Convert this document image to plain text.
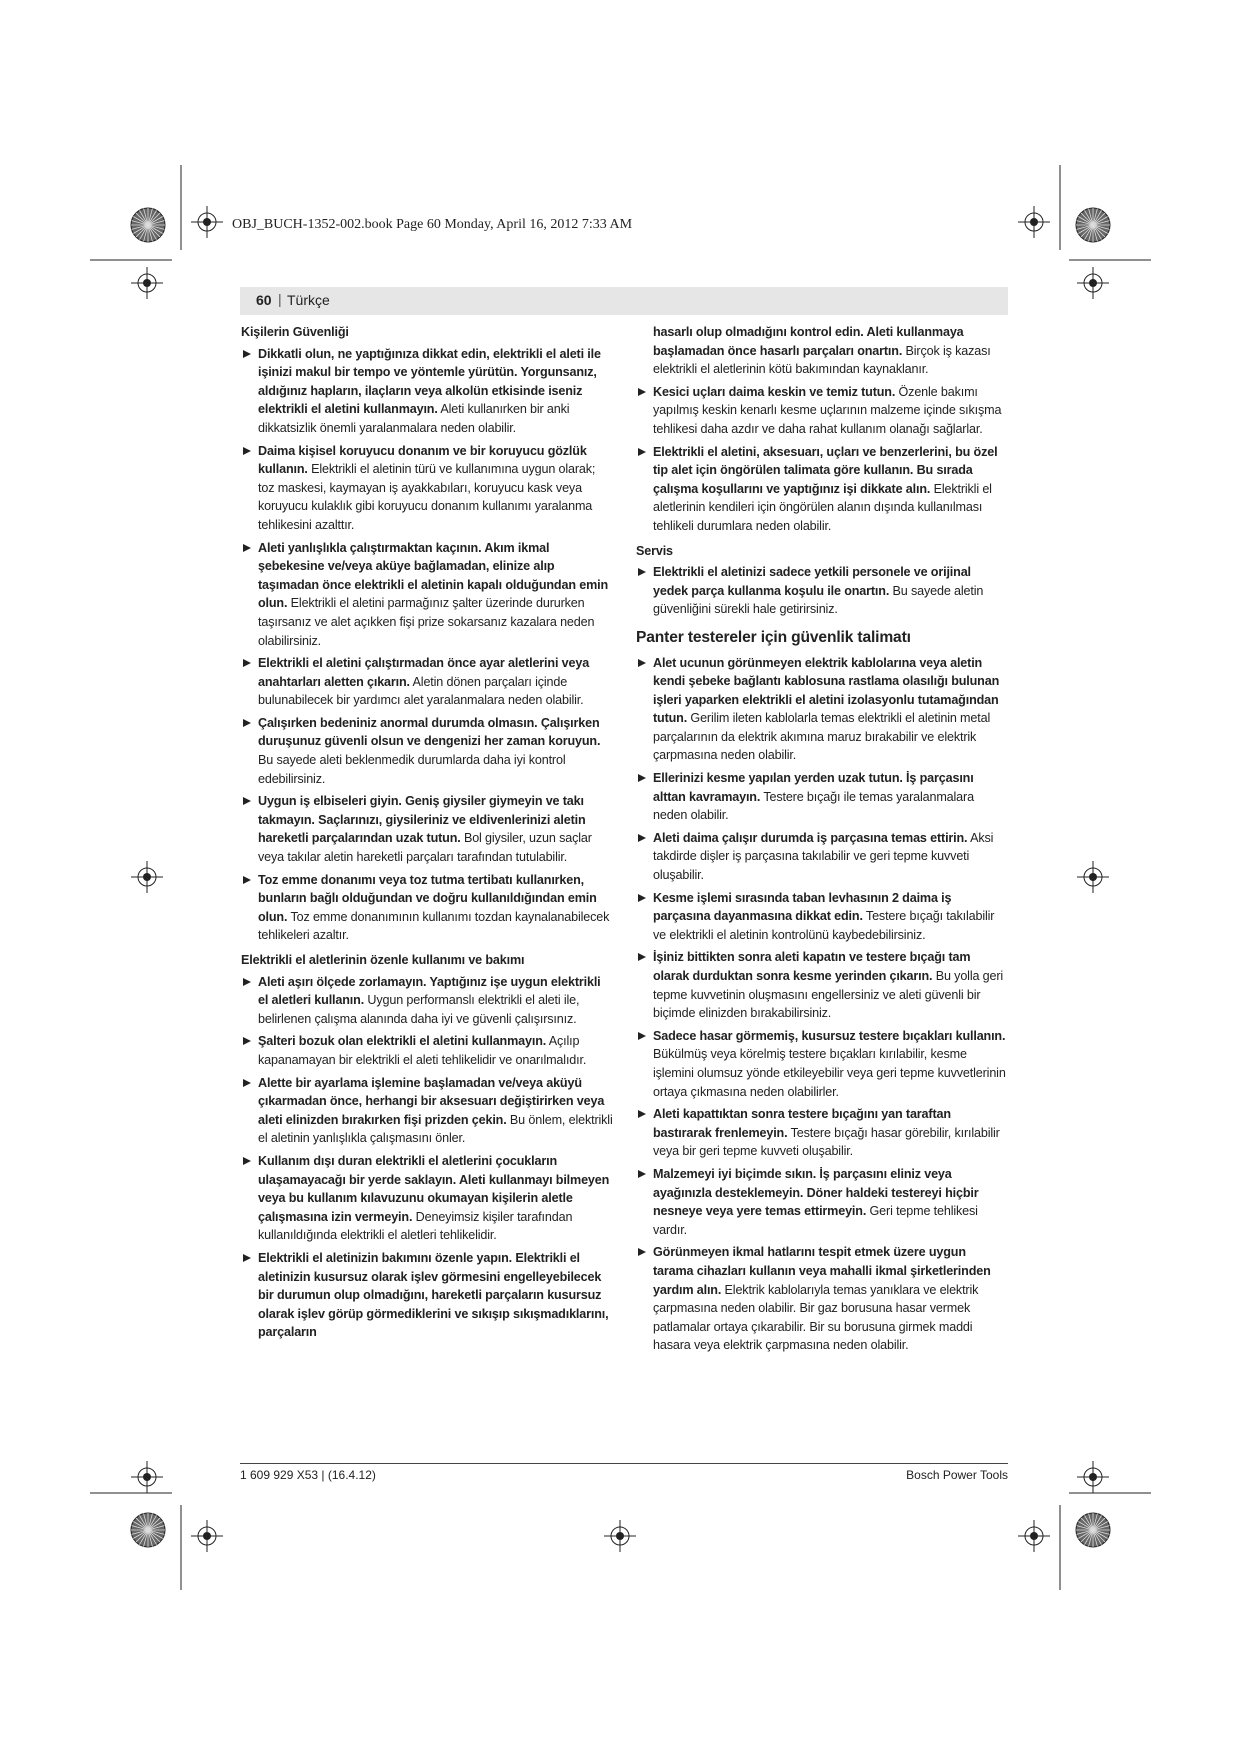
OBJ_BUCH-1352-002.book Page 60 Monday, April 16, 2012 7:33 AM
60 | Türkçe
Kişilerin Güvenliği
Dikkatli olun, ne yaptığınıza dikkat edin, elektrikli el aleti ile işinizi makul bir tempo ve yöntemle yürütün. Yorgunsanız, aldığınız hapların, ilaçların veya alkolün etkisinde iseniz elektrikli el aletini kullanmayın. Aleti kullanırken bir anki dikkatsizlik önemli yaralanmalara neden olabilir.
Daima kişisel koruyucu donanım ve bir koruyucu gözlük kullanın. Elektrikli el aletinin türü ve kullanımına uygun olarak; toz maskesi, kaymayan iş ayakkabıları, koruyucu kask veya koruyucu kulaklık gibi koruyucu donanım kullanımı yaralanma tehlikesini azalttır.
Aleti yanlışlıkla çalıştırmaktan kaçının. Akım ikmal şebekesine ve/veya aküye bağlamadan, elinize alıp taşımadan önce elektrikli el aletinin kapalı olduğundan emin olun. Elektrikli el aletini parmağınız şalter üzerinde dururken taşırsanız ve alet açıkken fişi prize sokarsanız kazalara neden olabilirsiniz.
Elektrikli el aletini çalıştırmadan önce ayar aletlerini veya anahtarları aletten çıkarın. Aletin dönen parçaları içinde bulunabilecek bir yardımcı alet yaralanmalara neden olabilir.
Çalışırken bedeniniz anormal durumda olmasın. Çalışırken duruşunuz güvenli olsun ve dengenizi her zaman koruyun. Bu sayede aleti beklenmedik durumlarda daha iyi kontrol edebilirsiniz.
Uygun iş elbiseleri giyin. Geniş giysiler giymeyin ve takı takmayın. Saçlarınızı, giysileriniz ve eldivenlerinizi aletin hareketli parçalarından uzak tutun. Bol giysiler, uzun saçlar veya takılar aletin hareketli parçaları tarafından tutulabilir.
Toz emme donanımı veya toz tutma tertibatı kullanırken, bunların bağlı olduğundan ve doğru kullanıldığından emin olun. Toz emme donanımının kullanımı tozdan kaynalanabilecek tehlikeleri azaltır.
Elektrikli el aletlerinin özenle kullanımı ve bakımı
Aleti aşırı ölçede zorlamayın. Yaptığınız işe uygun elektrikli el aletleri kullanın. Uygun performanslı elektrikli el aleti ile, belirlenen çalışma alanında daha iyi ve güvenli çalışırsınız.
Şalteri bozuk olan elektrikli el aletini kullanmayın. Açılıp kapanamayan bir elektrikli el aleti tehlikelidir ve onarılmalıdır.
Alette bir ayarlama işlemine başlamadan ve/veya aküyü çıkarmadan önce, herhangi bir aksesuarı değiştirirken veya aleti elinizden bırakırken fişi prizden çekin. Bu önlem, elektrikli el aletinin yanlışlıkla çalışmasını önler.
Kullanım dışı duran elektrikli el aletlerini çocukların ulaşamayacağı bir yerde saklayın. Aleti kullanmayı bilmeyen veya bu kullanım kılavuzunu okumayan kişilerin aletle çalışmasına izin vermeyin. Deneyimsiz kişiler tarafından kullanıldığında elektrikli el aletleri tehlikelidir.
Elektrikli el aletinizin bakımını özenle yapın. Elektrikli el aletinizin kusursuz olarak işlev görmesini engelleyebilecek bir durumun olup olmadığını, hareketli parçaların kusursuz olarak işlev görüp görmediklerini ve sıkışıp sıkışmadıklarını, parçaların
hasarlı olup olmadığını kontrol edin. Aleti kullanmaya başlamadan önce hasarlı parçaları onartın. Birçok iş kazası elektrikli el aletlerinin kötü bakımından kaynaklanır.
Kesici uçları daima keskin ve temiz tutun. Özenle bakımı yapılmış keskin kenarlı kesme uçlarının malzeme içinde sıkışma tehlikesi daha azdır ve daha rahat kullanım olanağı sağlarlar.
Elektrikli el aletini, aksesuarı, uçları ve benzerlerini, bu özel tip alet için öngörülen talimata göre kullanın. Bu sırada çalışma koşullarını ve yaptığınız işi dikkate alın. Elektrikli el aletlerinin kendileri için öngörülen alanın dışında kullanılması tehlikeli durumlara neden olabilir.
Servis
Elektrikli el aletinizi sadece yetkili personele ve orijinal yedek parça kullanma koşulu ile onartın. Bu sayede aletin güvenliğini sürekli hale getirirsiniz.
Panter testereler için güvenlik talimatı
Alet ucunun görünmeyen elektrik kablolarına veya aletin kendi şebeke bağlantı kablosuna rastlama olasılığı bulunan işleri yaparken elektrikli el aletini izolasyonlu tutamağından tutun. Gerilim ileten kablolarla temas elektrikli el aletinin metal parçalarının da elektrik akımına maruz bırakabilir ve elektrik çarpmasına neden olabilir.
Ellerinizi kesme yapılan yerden uzak tutun. İş parçasını alttan kavramayın. Testere bıçağı ile temas yaralanmalara neden olabilir.
Aleti daima çalışır durumda iş parçasına temas ettirin. Aksi takdirde dişler iş parçasına takılabilir ve geri tepme kuvveti oluşabilir.
Kesme işlemi sırasında taban levhasının 2 daima iş parçasına dayanmasına dikkat edin. Testere bıçağı takılabilir ve elektrikli el aletinin kontrolünü kaybedebilirsiniz.
İşiniz bittikten sonra aleti kapatın ve testere bıçağı tam olarak durduktan sonra kesme yerinden çıkarın. Bu yolla geri tepme kuvvetinin oluşmasını engellersiniz ve aleti güvenli bir biçimde elinizden bırakabilirsiniz.
Sadece hasar görmemiş, kusursuz testere bıçakları kullanın. Bükülmüş veya körelmiş testere bıçakları kırılabilir, kesme işlemini olumsuz yönde etkileyebilir veya geri tepme kuvvetlerinin ortaya çıkmasına neden olabilirler.
Aleti kapattıktan sonra testere bıçağını yan taraftan bastırarak frenlemeyin. Testere bıçağı hasar görebilir, kırılabilir veya bir geri tepme kuvveti oluşabilir.
Malzemeyi iyi biçimde sıkın. İş parçasını eliniz veya ayağınızla desteklemeyin. Döner haldeki testereyi hiçbir nesneye veya yere temas ettirmeyin. Geri tepme tehlikesi vardır.
Görünmeyen ikmal hatlarını tespit etmek üzere uygun tarama cihazları kullanın veya mahalli ikmal şirketlerinden yardım alın. Elektrik kablolarıyla temas yanıklara ve elektrik çarpmasına neden olabilir. Bir gaz borusuna hasar vermek patlamalar ortaya çıkarabilir. Bir su borusuna girmek maddi hasara veya elektrik çarpmasına neden olabilir.
1 609 929 X53 | (16.4.12)	Bosch Power Tools
